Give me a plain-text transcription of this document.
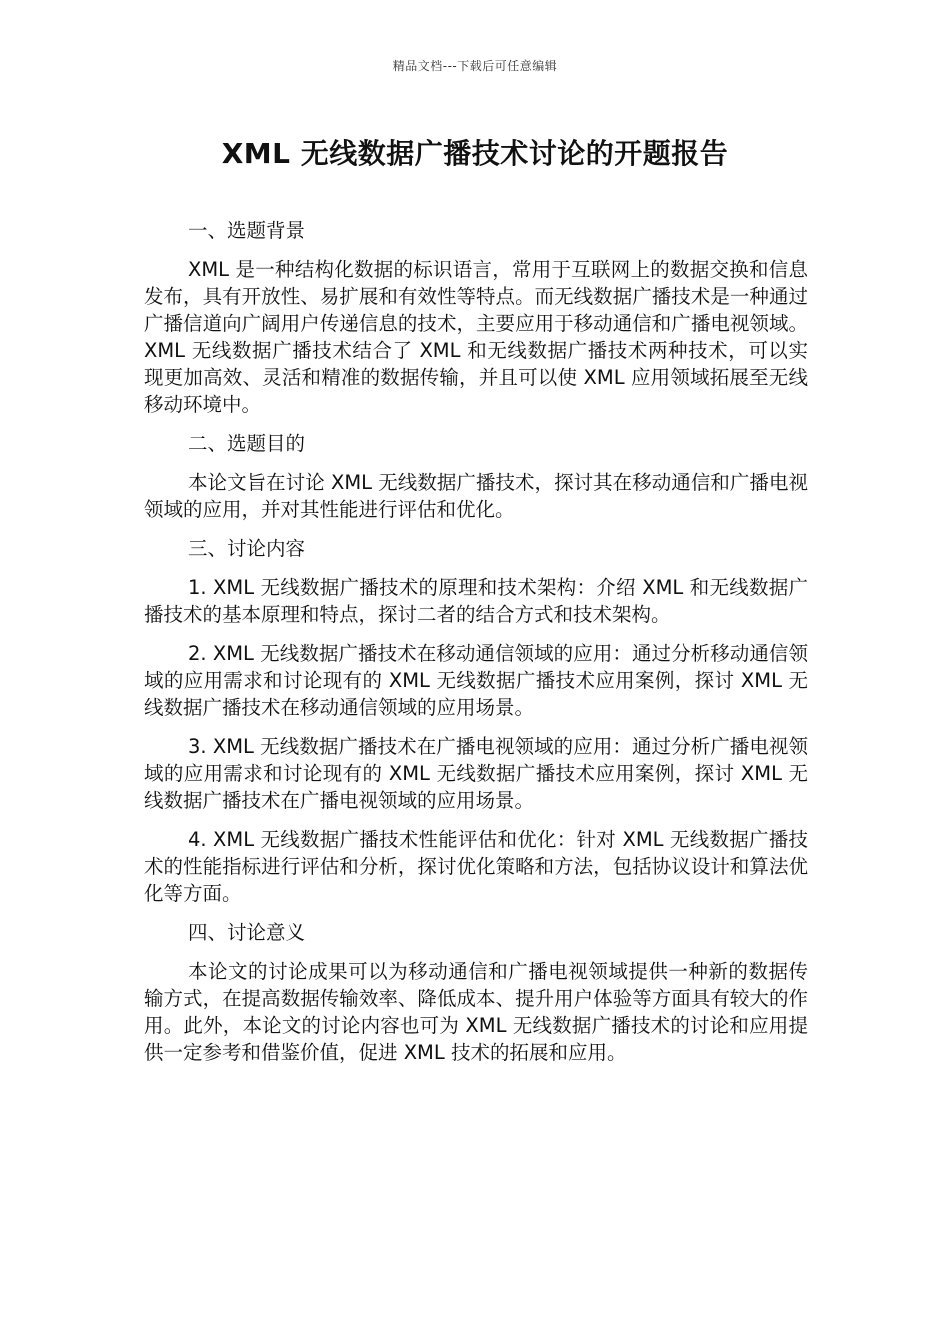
精品文档---下载后可任意编辑
XML 无线数据广播技术讨论的开题报告
一、选题背景
XML 是一种结构化数据的标识语言，常用于互联网上的数据交换和信息发布，具有开放性、易扩展和有效性等特点。而无线数据广播技术是一种通过广播信道向广阔用户传递信息的技术，主要应用于移动通信和广播电视领域。XML 无线数据广播技术结合了 XML 和无线数据广播技术两种技术，可以实现更加高效、灵活和精准的数据传输，并且可以使 XML 应用领域拓展至无线移动环境中。
二、选题目的
本论文旨在讨论 XML 无线数据广播技术，探讨其在移动通信和广播电视领域的应用，并对其性能进行评估和优化。
三、讨论内容
1. XML 无线数据广播技术的原理和技术架构：介绍 XML 和无线数据广播技术的基本原理和特点，探讨二者的结合方式和技术架构。
2. XML 无线数据广播技术在移动通信领域的应用：通过分析移动通信领域的应用需求和讨论现有的 XML 无线数据广播技术应用案例，探讨 XML 无线数据广播技术在移动通信领域的应用场景。
3. XML 无线数据广播技术在广播电视领域的应用：通过分析广播电视领域的应用需求和讨论现有的 XML 无线数据广播技术应用案例，探讨 XML 无线数据广播技术在广播电视领域的应用场景。
4. XML 无线数据广播技术性能评估和优化：针对 XML 无线数据广播技术的性能指标进行评估和分析，探讨优化策略和方法，包括协议设计和算法优化等方面。
四、讨论意义
本论文的讨论成果可以为移动通信和广播电视领域提供一种新的数据传输方式，在提高数据传输效率、降低成本、提升用户体验等方面具有较大的作用。此外，本论文的讨论内容也可为 XML 无线数据广播技术的讨论和应用提供一定参考和借鉴价值，促进 XML 技术的拓展和应用。
